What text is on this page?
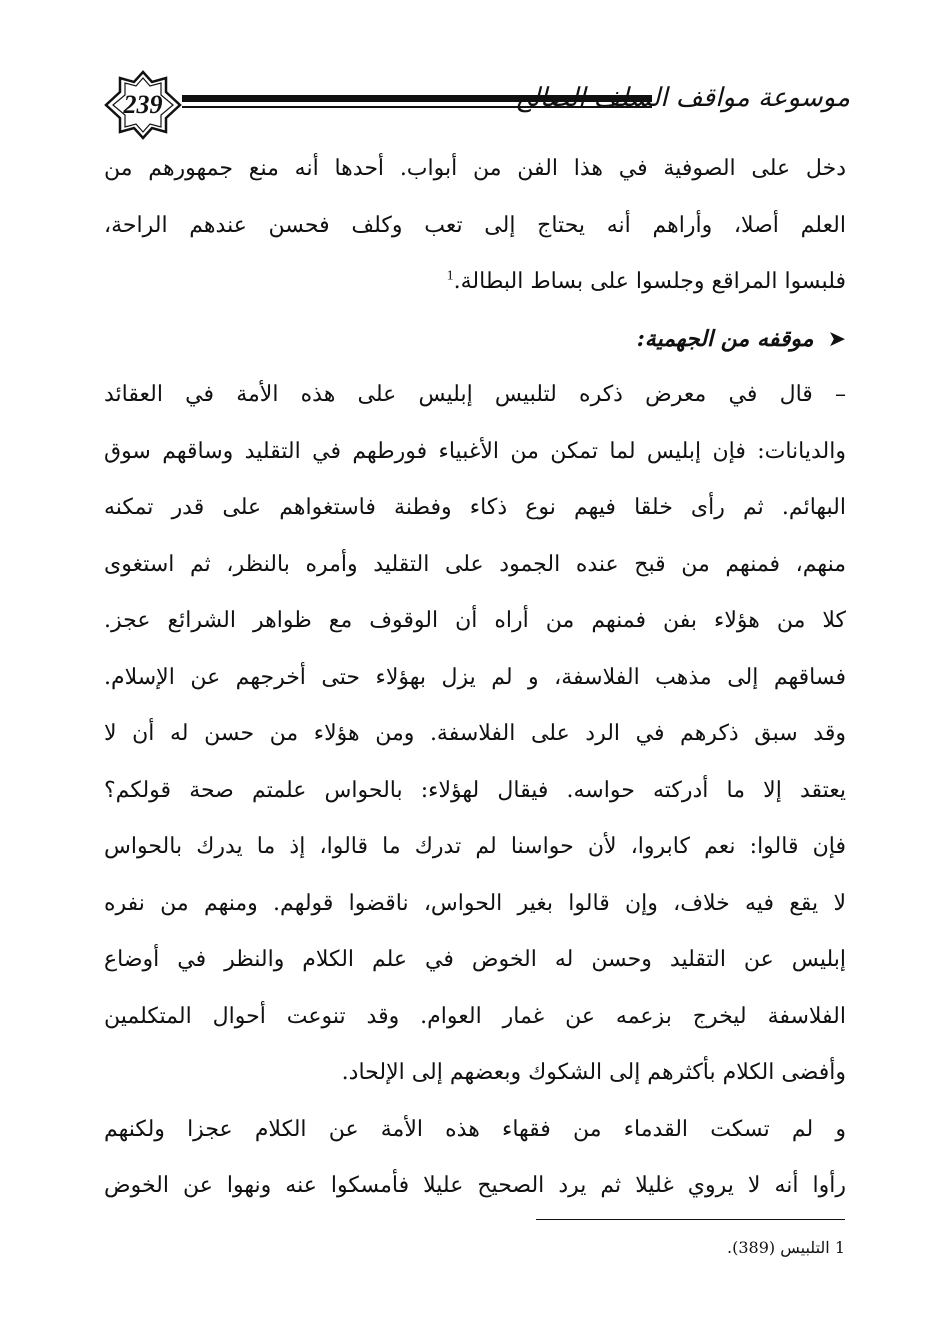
239	موسوعة مواقف السلف الصالح
دخل على الصوفية في هذا الفن من أبواب. أحدها أنه منع جمهورهم من
العلم أصلا، وأراهم أنه يحتاج إلى تعب وكلف فحسن عندهم الراحة،
فلبسوا المراقع وجلسوا على بساط البطالة.$^1$
➤موقفه من الجهمية:
– قال في معرض ذكره لتلبيس إبليس على هذه الأمة في العقائد
والديانات: فإن إبليس لما تمكن من الأغبياء فورطهم في التقليد وساقهم سوق
البهائم. ثم رأى خلقا فيهم نوع ذكاء وفطنة فاستغواهم على قدر تمكنه
منهم، فمنهم من قبح عنده الجمود على التقليد وأمره بالنظر، ثم استغوى
كلا من هؤلاء بفن فمنهم من أراه أن الوقوف مع ظواهر الشرائع عجز.
فساقهم إلى مذهب الفلاسفة، و لم يزل بهؤلاء حتى أخرجهم عن الإسلام.
وقد سبق ذكرهم في الرد على الفلاسفة. ومن هؤلاء من حسن له أن لا
يعتقد إلا ما أدركته حواسه. فيقال لهؤلاء: بالحواس علمتم صحة قولكم؟
فإن قالوا: نعم كابروا، لأن حواسنا لم تدرك ما قالوا، إذ ما يدرك بالحواس
لا يقع فيه خلاف، وإن قالوا بغير الحواس، ناقضوا قولهم. ومنهم من نفره
إبليس عن التقليد وحسن له الخوض في علم الكلام والنظر في أوضاع
الفلاسفة ليخرج بزعمه عن غمار العوام. وقد تنوعت أحوال المتكلمين
وأفضى الكلام بأكثرهم إلى الشكوك وبعضهم إلى الإلحاد.
و لم تسكت القدماء من فقهاء هذه الأمة عن الكلام عجزا ولكنهم
رأوا أنه لا يروي غليلا ثم يرد الصحيح عليلا فأمسكوا عنه ونهوا عن الخوض
1 التلبيس (389).
